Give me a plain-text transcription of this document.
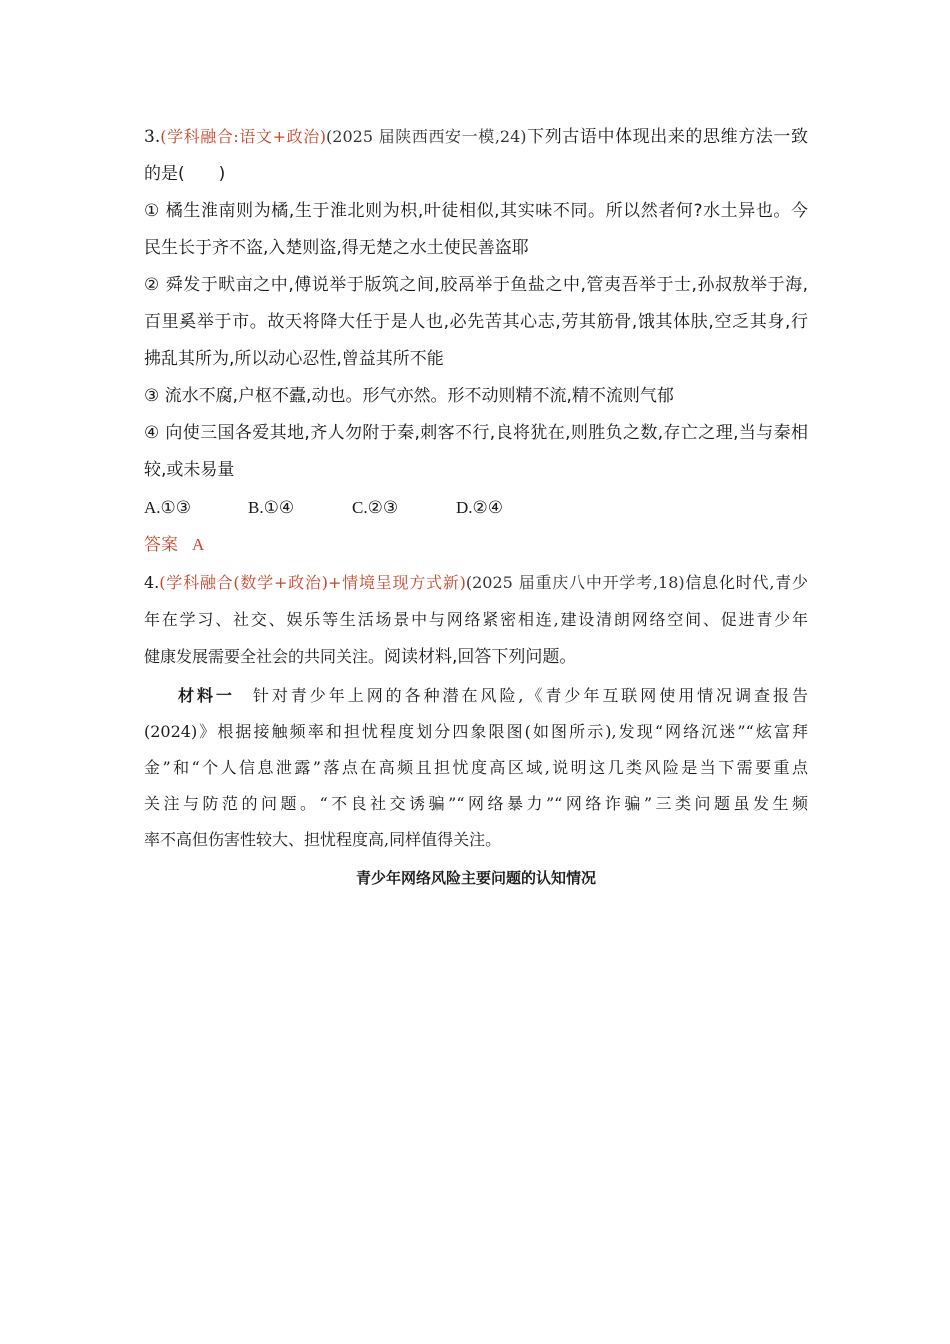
3.(学科融合:语文+政治)(2025 届陕西西安一模,24)下列古语中体现出来的思维方法一致
的是(　　)
① 橘生淮南则为橘,生于淮北则为枳,叶徒相似,其实味不同。所以然者何?水土异也。今
民生长于齐不盗,入楚则盗,得无楚之水土使民善盗耶
② 舜发于畎亩之中,傅说举于版筑之间,胶鬲举于鱼盐之中,管夷吾举于士,孙叔敖举于海,
百里奚举于市。故天将降大任于是人也,必先苦其心志,劳其筋骨,饿其体肤,空乏其身,行
拂乱其所为,所以动心忍性,曾益其所不能
③ 流水不腐,户枢不蠹,动也。形气亦然。形不动则精不流,精不流则气郁
④ 向使三国各爱其地,齐人勿附于秦,刺客不行,良将犹在,则胜负之数,存亡之理,当与秦相
较,或未易量
A.①③	B.①④	C.②③	D.②④
答案 A
4.(学科融合(数学+政治)+情境呈现方式新)(2025 届重庆八中开学考,18)信息化时代,青少
年在学习、社交、娱乐等生活场景中与网络紧密相连,建设清朗网络空间、促进青少年
健康发展需要全社会的共同关注。阅读材料,回答下列问题。
材料一 针对青少年上网的各种潜在风险,《青少年互联网使用情况调查报告
(2024)》根据接触频率和担忧程度划分四象限图(如图所示),发现“网络沉迷”“炫富拜
金”和“个人信息泄露”落点在高频且担忧度高区域,说明这几类风险是当下需要重点
关注与防范的问题。“不良社交诱骗”“网络暴力”“网络诈骗”三类问题虽发生频
率不高但伤害性较大、担忧程度高,同样值得关注。
青少年网络风险主要问题的认知情况
